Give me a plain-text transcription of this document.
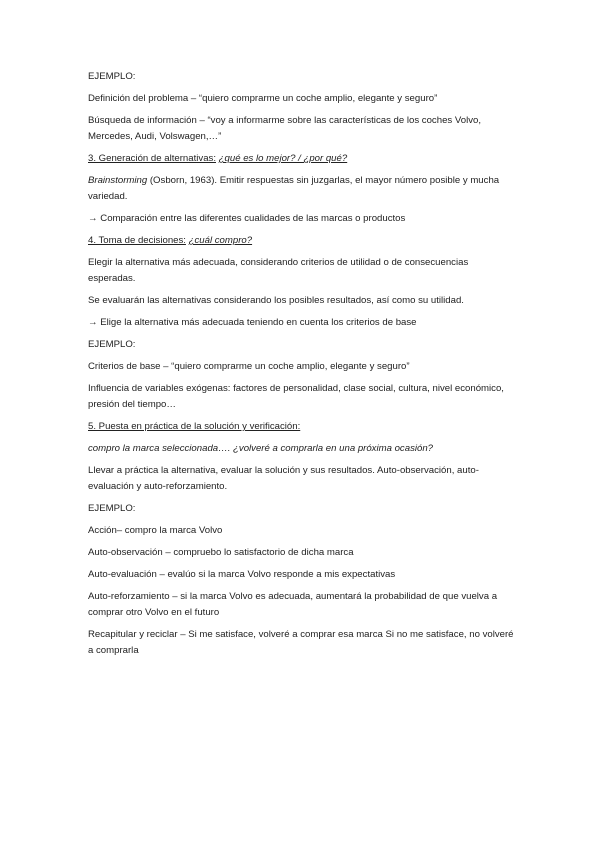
EJEMPLO:

Definición del problema – “quiero comprarme un coche amplio, elegante y seguro”

Búsqueda de información – “voy a informarme sobre las características de los coches Volvo, Mercedes, Audi, Volswagen,…”

3. Generación de alternativas: ¿qué es lo mejor? / ¿por qué?

Brainstorming (Osborn, 1963). Emitir respuestas sin juzgarlas, el mayor número posible y mucha variedad.

→ Comparación entre las diferentes cualidades de las marcas o productos

4. Toma de decisiones: ¿cuál compro?

Elegir la alternativa más adecuada, considerando criterios de utilidad o de consecuencias esperadas.

Se evaluarán las alternativas considerando los posibles resultados, así como su utilidad.

→ Elige la alternativa más adecuada teniendo en cuenta los criterios de base

EJEMPLO:

Criterios de base – “quiero comprarme un coche amplio, elegante y seguro”

Influencia de variables exógenas: factores de personalidad, clase social, cultura, nivel económico, presión del tiempo…

5. Puesta en práctica de la solución y verificación:

compro la marca seleccionada…. ¿volveré a comprarla en una próxima ocasión?

Llevar a práctica la alternativa, evaluar la solución y sus resultados. Auto-observación, auto-evaluación y auto-reforzamiento.

EJEMPLO:

Acción– compro la marca Volvo

Auto-observación – compruebo lo satisfactorio de dicha marca

Auto-evaluación – evalúo si la marca Volvo responde a mis expectativas

Auto-reforzamiento – si la marca Volvo es adecuada, aumentará la probabilidad de que vuelva a comprar otro Volvo en el futuro

Recapitular y reciclar – Si me satisface, volveré a comprar esa marca Si no me satisface, no volveré a comprarla
